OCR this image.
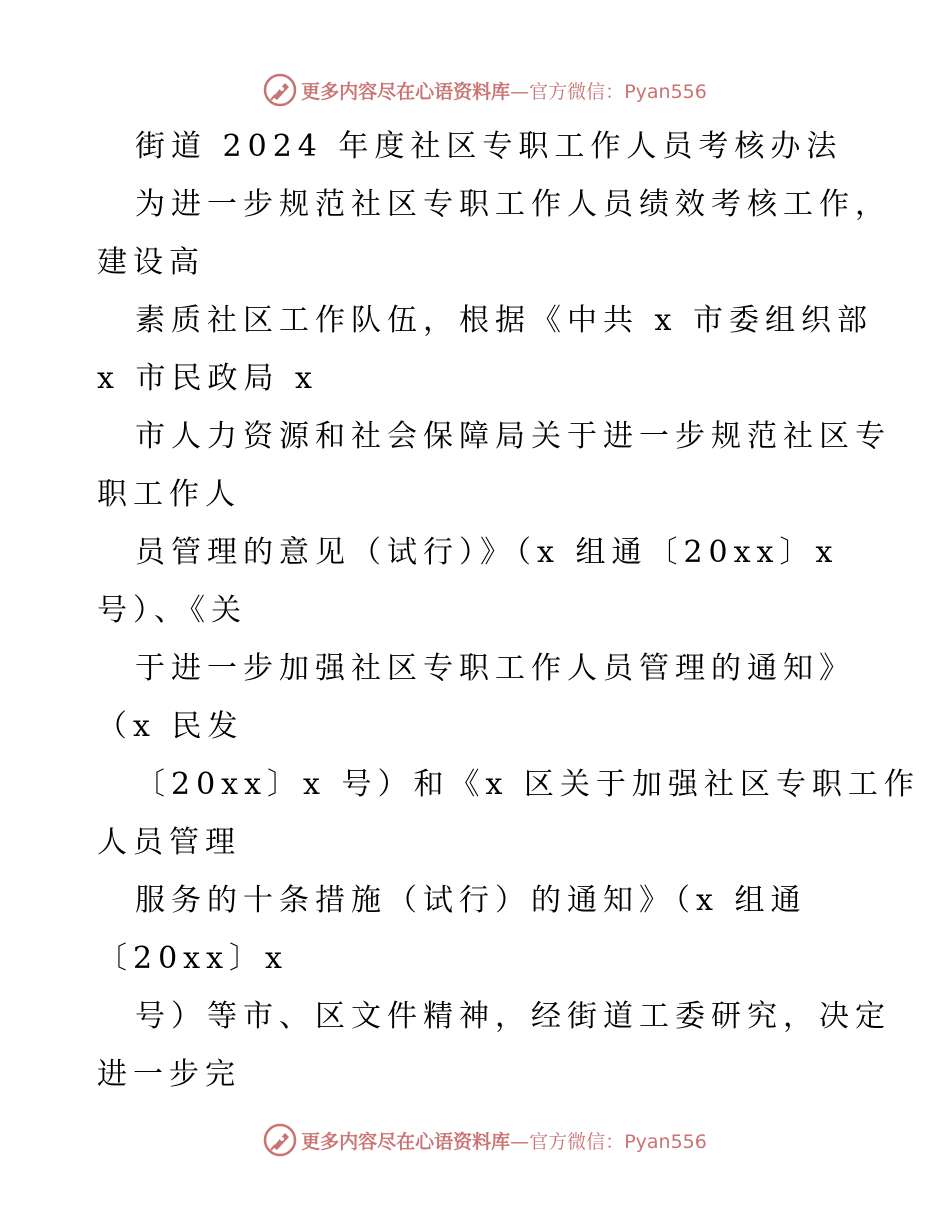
更多内容尽在心语资料库—官方微信：Pyan556
街道 2024 年度社区专职工作人员考核办法
为进一步规范社区专职工作人员绩效考核工作，
建设高
素质社区工作队伍，根据《中共 x 市委组织部
x 市民政局 x
市人力资源和社会保障局关于进一步规范社区专
职工作人
员管理的意见（试行）》（x 组通〔20xx〕x
号）、《关
于进一步加强社区专职工作人员管理的通知》
（x 民发
〔20xx〕x 号）和《x 区关于加强社区专职工作
人员管理
服务的十条措施（试行）的通知》（x 组通
〔20xx〕x
号）等市、区文件精神，经街道工委研究，决定
进一步完
更多内容尽在心语资料库—官方微信：Pyan556
